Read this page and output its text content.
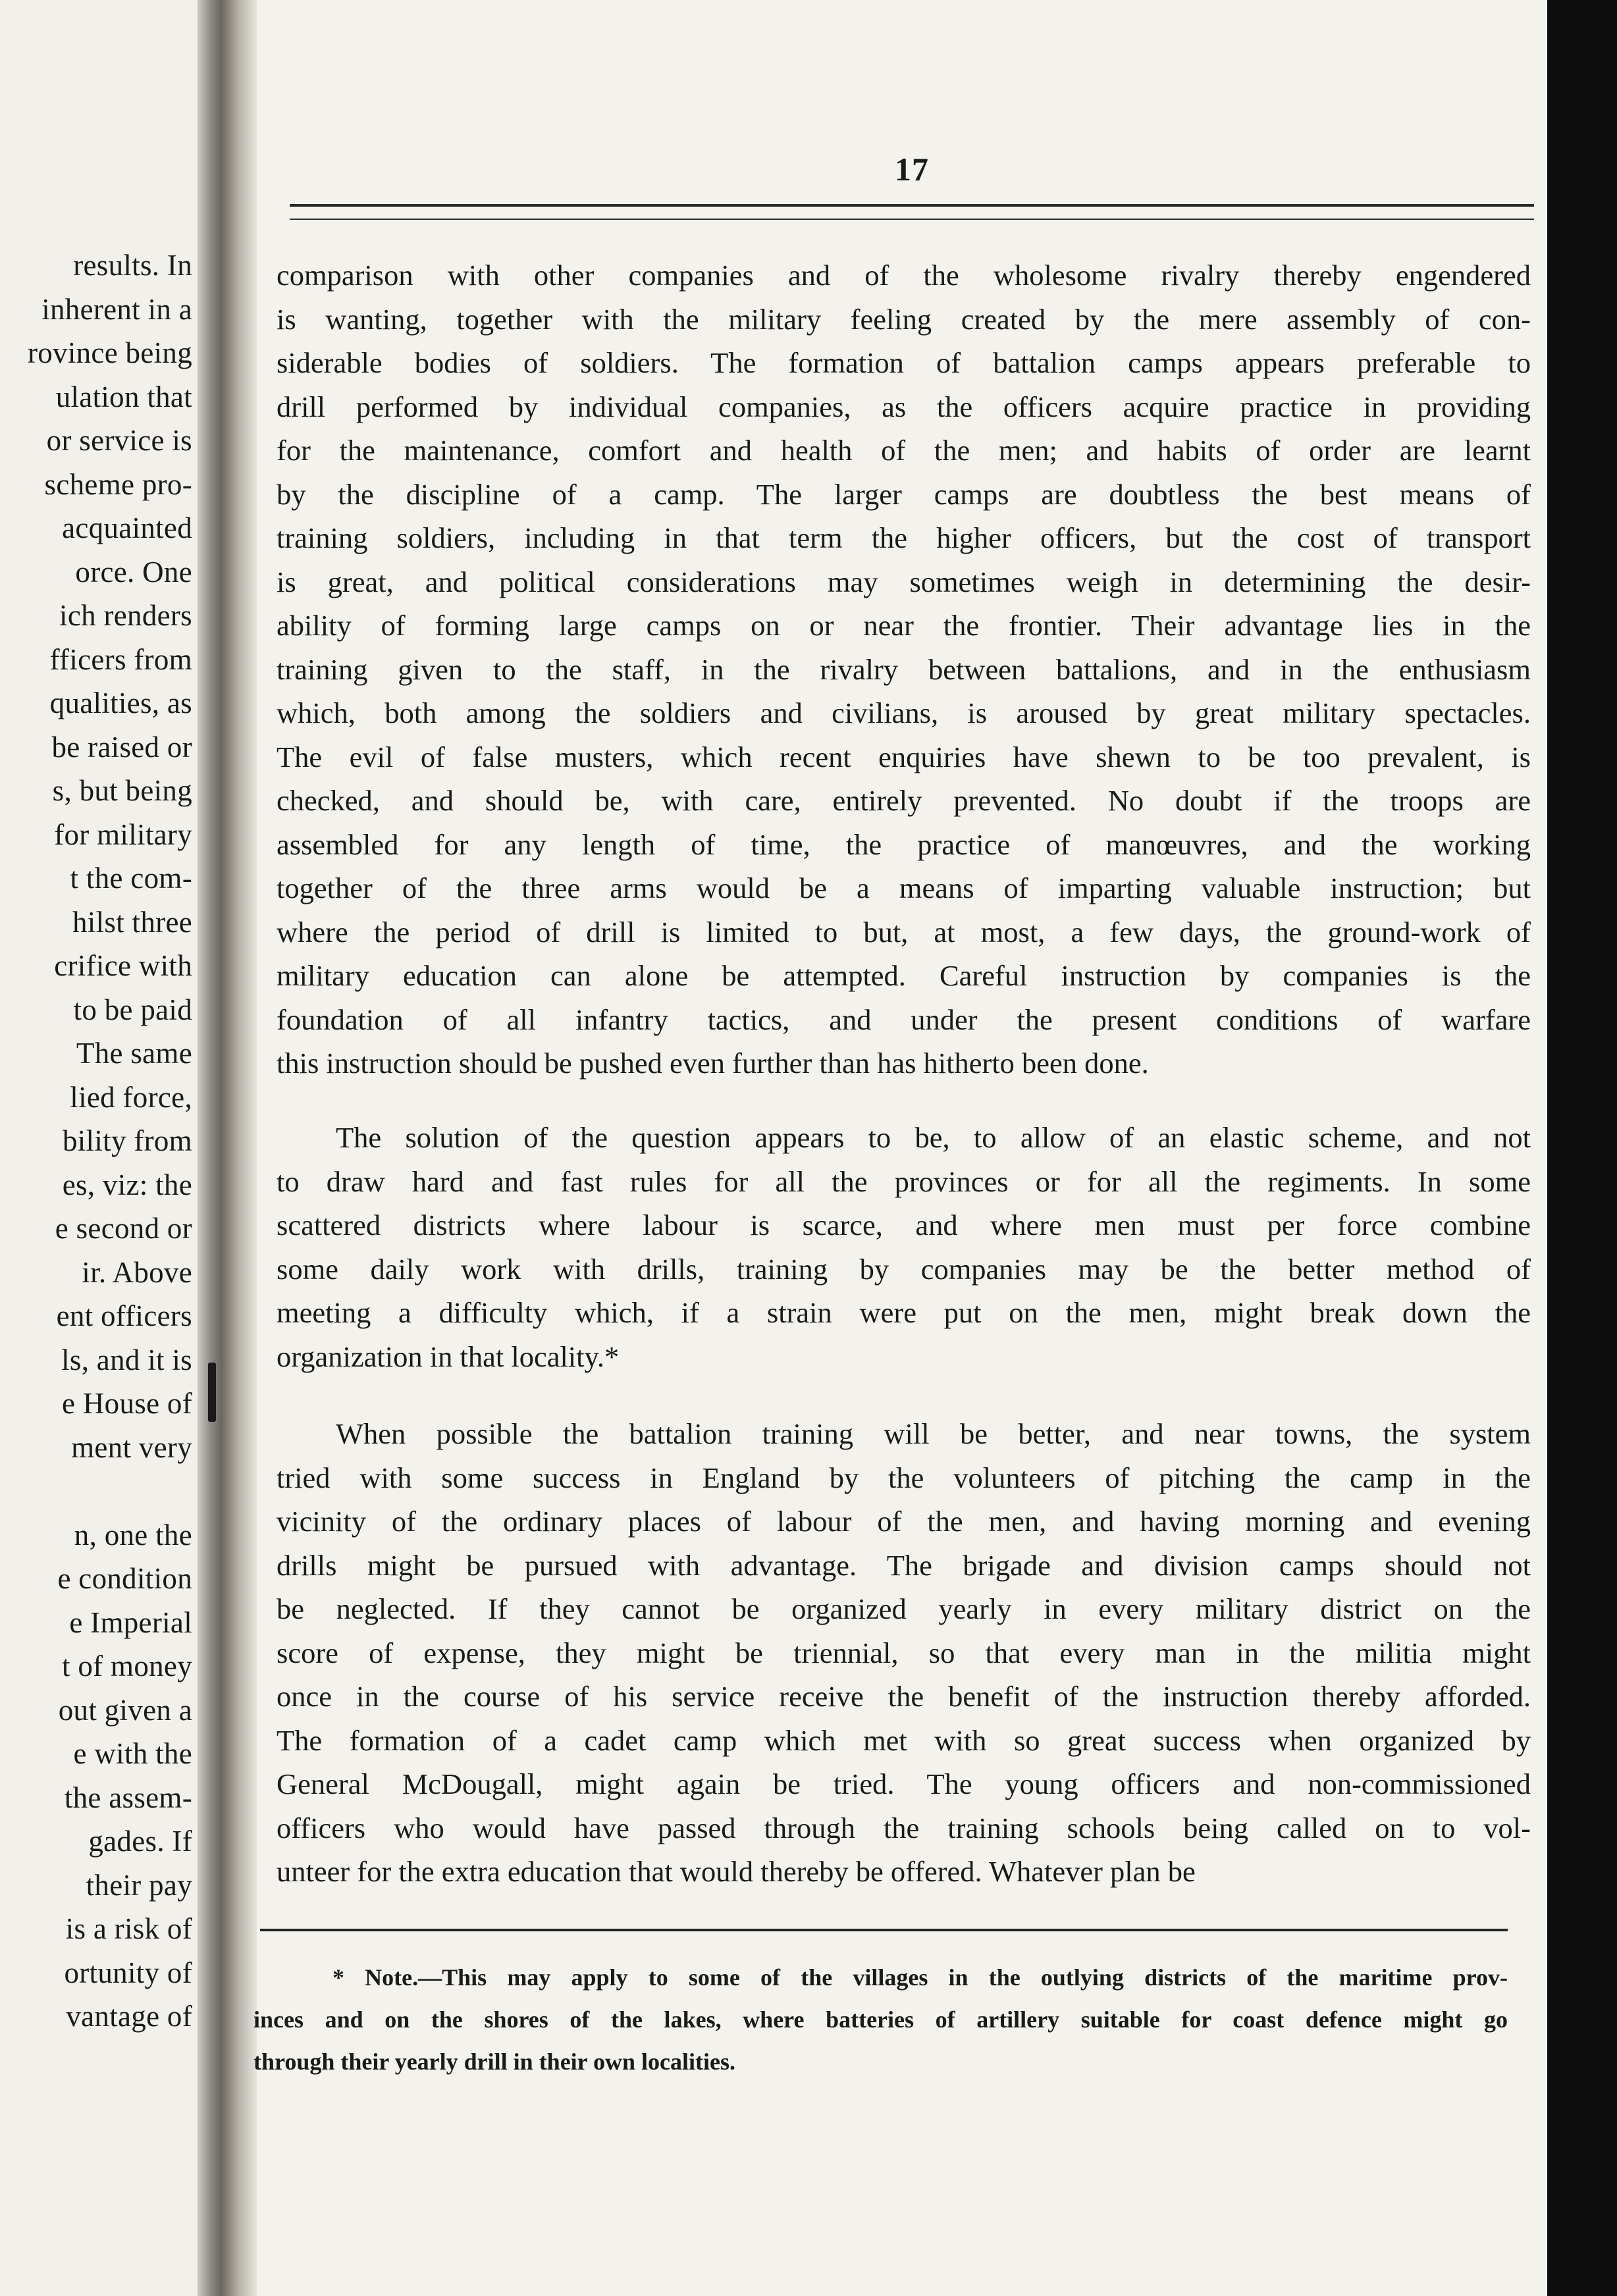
results. In
inherent in a
rovince being
ulation that
or service is
scheme pro-
acquainted
orce. One
ich renders
fficers from
qualities, as
be raised or
s, but being
for military
t the com-
hilst three
crifice with
to be paid
The same
lied force,
bility from
es, viz: the
e second or
ir. Above
ent officers
ls, and it is
e House of
ment very
n, one the
e condition
e Imperial
t of money
out given a
e with the
the assem-
gades. If
their pay
is a risk of
ortunity of
vantage of
17
comparison with other companies and of the wholesome rivalry thereby engendered
is wanting, together with the military feeling created by the mere assembly of con-
siderable bodies of soldiers. The formation of battalion camps appears preferable to
drill performed by individual companies, as the officers acquire practice in providing
for the maintenance, comfort and health of the men; and habits of order are learnt
by the discipline of a camp. The larger camps are doubtless the best means of
training soldiers, including in that term the higher officers, but the cost of transport
is great, and political considerations may sometimes weigh in determining the desir-
ability of forming large camps on or near the frontier. Their advantage lies in the
training given to the staff, in the rivalry between battalions, and in the enthusiasm
which, both among the soldiers and civilians, is aroused by great military spectacles.
The evil of false musters, which recent enquiries have shewn to be too prevalent, is
checked, and should be, with care, entirely prevented. No doubt if the troops are
assembled for any length of time, the practice of manœuvres, and the working
together of the three arms would be a means of imparting valuable instruction; but
where the period of drill is limited to but, at most, a few days, the ground-work of
military education can alone be attempted. Careful instruction by companies is the
foundation of all infantry tactics, and under the present conditions of warfare
this instruction should be pushed even further than has hitherto been done.
The solution of the question appears to be, to allow of an elastic scheme, and not
to draw hard and fast rules for all the provinces or for all the regiments. In some
scattered districts where labour is scarce, and where men must per force combine
some daily work with drills, training by companies may be the better method of
meeting a difficulty which, if a strain were put on the men, might break down the
organization in that locality.*
When possible the battalion training will be better, and near towns, the system
tried with some success in England by the volunteers of pitching the camp in the
vicinity of the ordinary places of labour of the men, and having morning and evening
drills might be pursued with advantage. The brigade and division camps should not
be neglected. If they cannot be organized yearly in every military district on the
score of expense, they might be triennial, so that every man in the militia might
once in the course of his service receive the benefit of the instruction thereby afforded.
The formation of a cadet camp which met with so great success when organized by
General McDougall, might again be tried. The young officers and non-commissioned
officers who would have passed through the training schools being called on to vol-
unteer for the extra education that would thereby be offered. Whatever plan be
* Note.—This may apply to some of the villages in the outlying districts of the maritime prov-
inces and on the shores of the lakes, where batteries of artillery suitable for coast defence might go
through their yearly drill in their own localities.
